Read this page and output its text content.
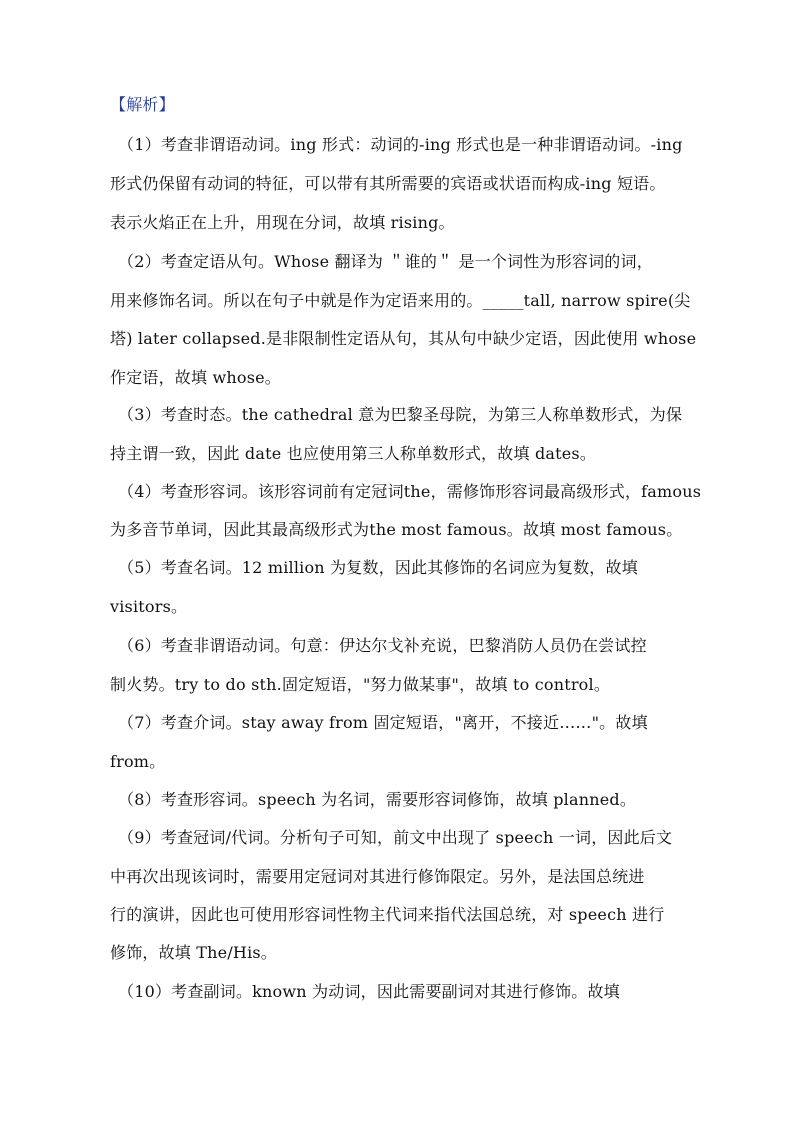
【解析】
（1）考查非谓语动词。ing 形式：动词的-ing 形式也是一种非谓语动词。-ing
形式仍保留有动词的特征，可以带有其所需要的宾语或状语而构成-ing 短语。
表示火焰正在上升，用现在分词，故填 rising。
（2）考查定语从句。Whose 翻译为 ＂谁的＂ 是一个词性为形容词的词，
用来修饰名词。所以在句子中就是作为定语来用的。_____tall, narrow spire(尖
塔) later collapsed.是非限制性定语从句，其从句中缺少定语，因此使用 whose
作定语，故填 whose。
（3）考查时态。the cathedral 意为巴黎圣母院，为第三人称单数形式，为保
持主谓一致，因此 date 也应使用第三人称单数形式，故填 dates。
（4）考查形容词。该形容词前有定冠词the，需修饰形容词最高级形式，famous
为多音节单词，因此其最高级形式为the most famous。故填 most famous。
（5）考查名词。12 million 为复数，因此其修饰的名词应为复数，故填
visitors。
（6）考查非谓语动词。句意：伊达尔戈补充说，巴黎消防人员仍在尝试控
制火势。try to do sth.固定短语，"努力做某事"，故填 to control。
（7）考查介词。stay away from 固定短语，"离开，不接近……"。故填
from。
（8）考查形容词。speech 为名词，需要形容词修饰，故填 planned。
（9）考查冠词/代词。分析句子可知，前文中出现了 speech 一词，因此后文
中再次出现该词时，需要用定冠词对其进行修饰限定。另外，是法国总统进
行的演讲，因此也可使用形容词性物主代词来指代法国总统，对 speech 进行
修饰，故填 The/His。
（10）考查副词。known 为动词，因此需要副词对其进行修饰。故填
